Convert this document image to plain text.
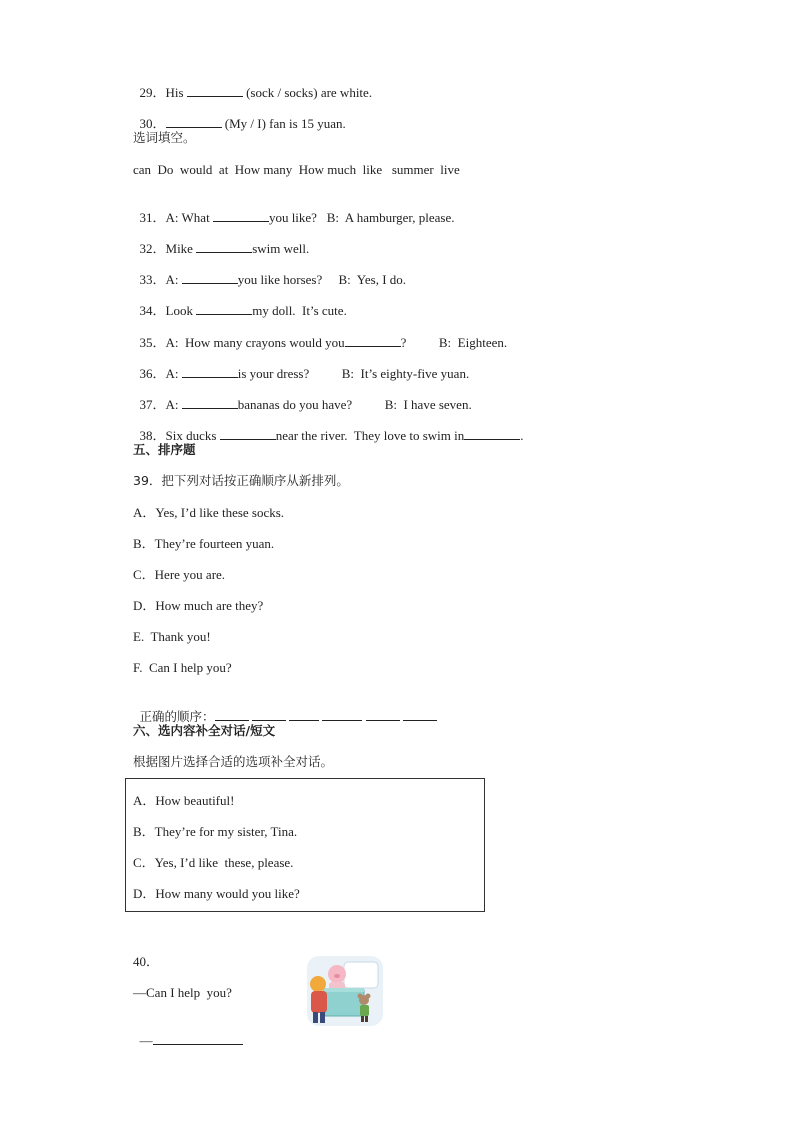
29．His	(sock / socks) are white.

30．	(My / I) fan is 15 yuan.

选词填空。
can  Do  would  at  How many  How much  like   summer  live

31．A: What	you like?   B:  A hamburger, please.

32．Mike	swim well.

33．A:	you like horses?     B:  Yes, I do.

34．Look	my doll.  It’s cute.

35．A:  How many crayons would you	?          B:  Eighteen.

36．A:	is your dress?          B:  It’s eighty-five yuan.

37．A:	bananas do you have?          B:  I have seven.

38．Six ducks	near the river.  They love to swim in	.

五、排序题
39．把下列对话按正确顺序从新排列。
A．Yes, I’d like these socks.
B．They’re fourteen yuan.
C．Here you are.
D．How much are they?
E.  Thank you!
F.  Can I help you?

正确的顺序：

六、选内容补全对话/短文
根据图片选择合适的选项补全对话。
A．How beautiful!
B．They’re for my sister, Tina.
C．Yes, I’d like  these, please.
D．How many would you like?
40．
—Can I help  you?

—
